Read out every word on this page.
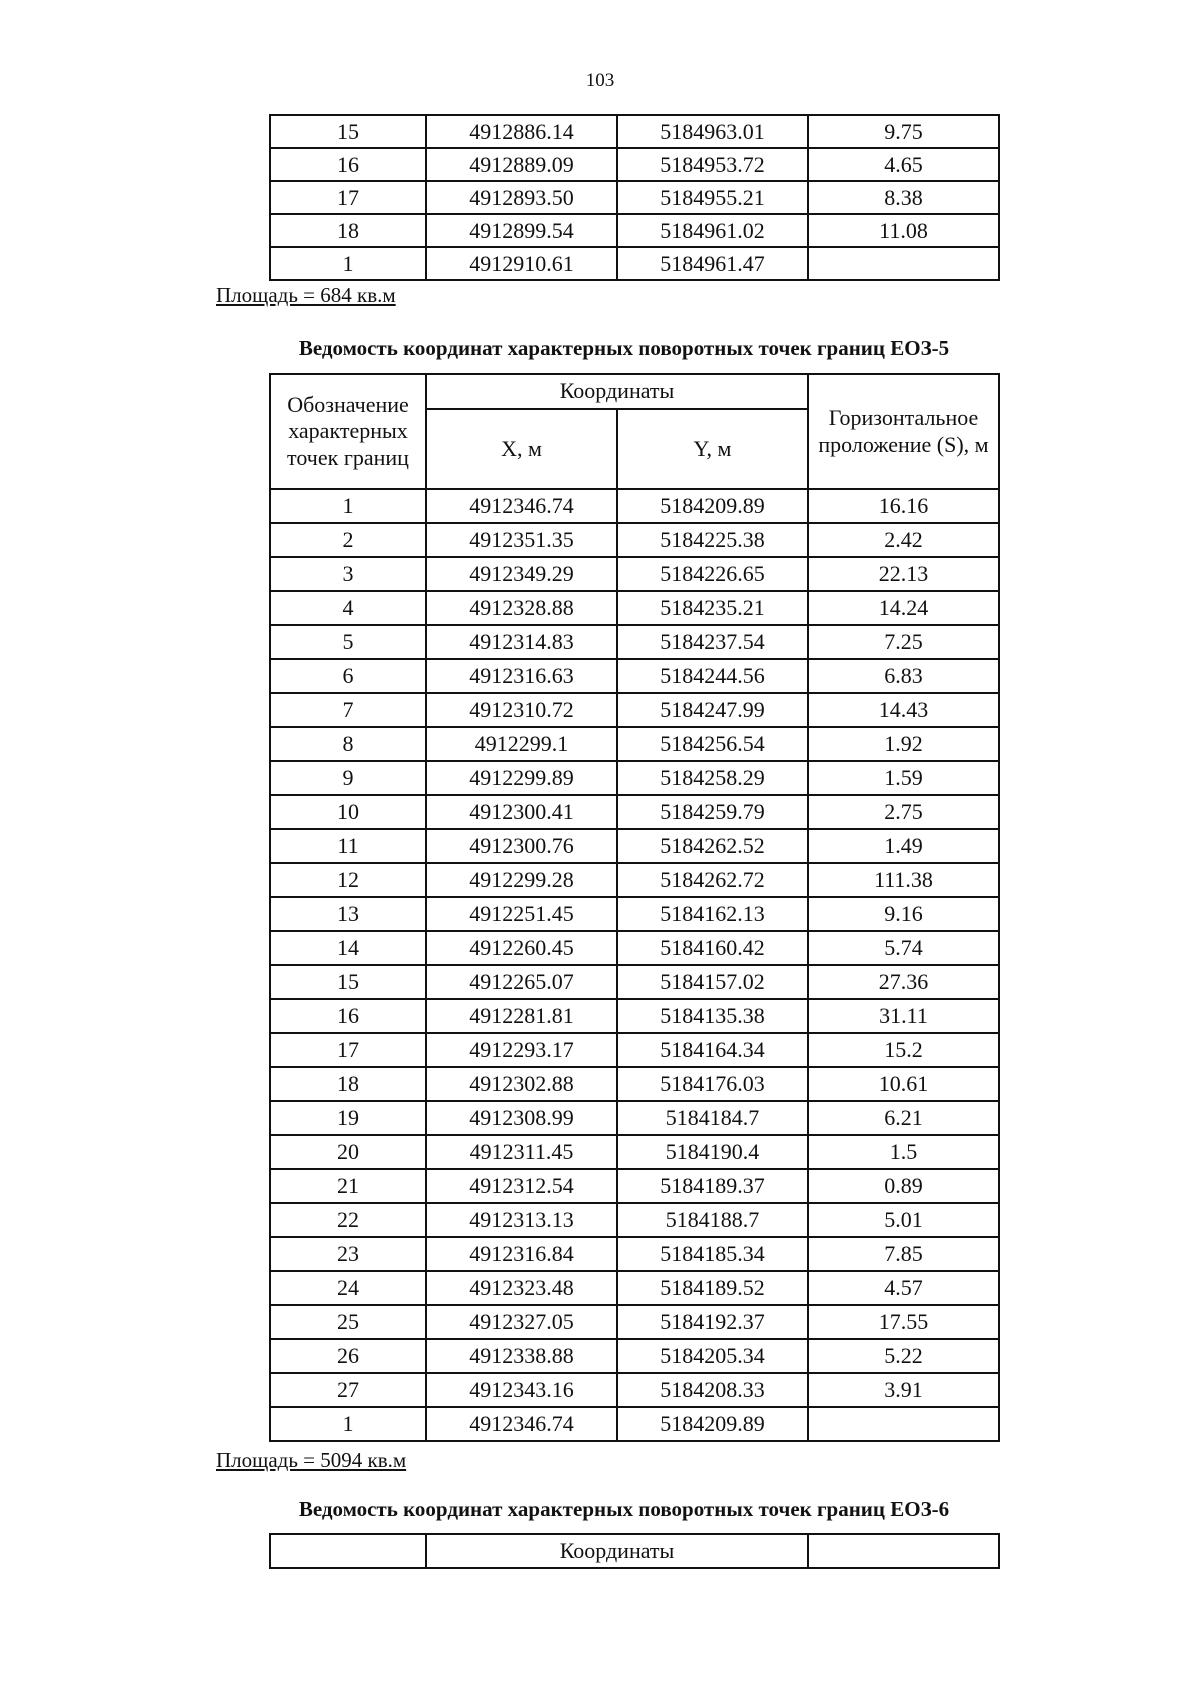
103
15	4912886.14	5184963.01	9.75
16	4912889.09	5184953.72	4.65
17	4912893.50	5184955.21	8.38
18	4912899.54	5184961.02	11.08
1	4912910.61	5184961.47	
Площадь = 684 кв.м
Ведомость координат характерных поворотных точек границ ЕОЗ-5
Обозначение характерных точек границ	Координаты		Горизонтальное проложение (S), м
	X, м	Y, м	
1	4912346.74	5184209.89	16.16
2	4912351.35	5184225.38	2.42
3	4912349.29	5184226.65	22.13
4	4912328.88	5184235.21	14.24
5	4912314.83	5184237.54	7.25
6	4912316.63	5184244.56	6.83
7	4912310.72	5184247.99	14.43
8	4912299.1	5184256.54	1.92
9	4912299.89	5184258.29	1.59
10	4912300.41	5184259.79	2.75
11	4912300.76	5184262.52	1.49
12	4912299.28	5184262.72	111.38
13	4912251.45	5184162.13	9.16
14	4912260.45	5184160.42	5.74
15	4912265.07	5184157.02	27.36
16	4912281.81	5184135.38	31.11
17	4912293.17	5184164.34	15.2
18	4912302.88	5184176.03	10.61
19	4912308.99	5184184.7	6.21
20	4912311.45	5184190.4	1.5
21	4912312.54	5184189.37	0.89
22	4912313.13	5184188.7	5.01
23	4912316.84	5184185.34	7.85
24	4912323.48	5184189.52	4.57
25	4912327.05	5184192.37	17.55
26	4912338.88	5184205.34	5.22
27	4912343.16	5184208.33	3.91
1	4912346.74	5184209.89	
Площадь = 5094 кв.м
Ведомость координат характерных поворотных точек границ ЕОЗ-6
	Координаты	
